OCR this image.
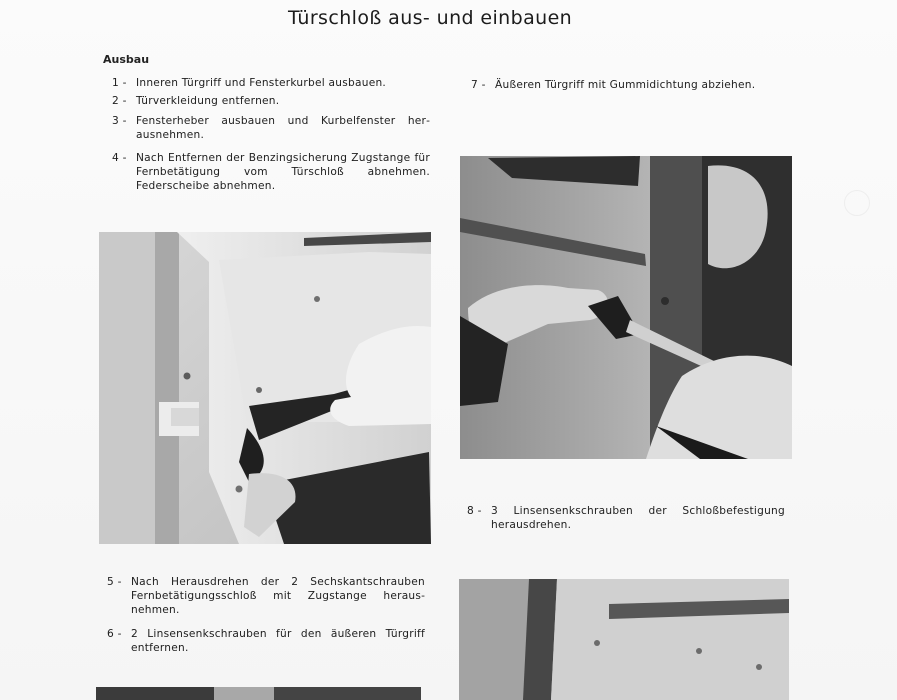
Türschloß aus- und einbauen
Ausbau
1 - Inneren Türgriff und Fensterkurbel ausbauen.
2 - Türverkleidung entfernen.
3 - Fensterheber ausbauen und Kurbelfenster herausnehmen.
4 - Nach Entfernen der Benzingsicherung Zugstange für Fernbetätigung vom Türschloß abnehmen. Federscheibe abnehmen.
7 - Äußeren Türgriff mit Gummidichtung abziehen.
8 - 3 Linsensenkschrauben der Schloßbefestigung herausdrehen.
5 - Nach Herausdrehen der 2 Sechskantschrauben Fernbetätigungsschloß mit Zugstange herausnehmen.
6 - 2 Linsensenkschrauben für den äußeren Türgriff entfernen.
